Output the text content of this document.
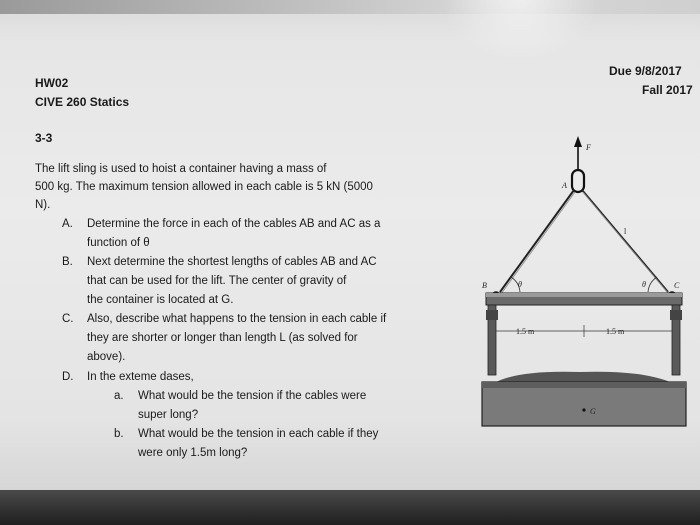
HW02
CIVE 260 Statics
Due 9/8/2017
Fall 2017
3-3
The lift sling is used to hoist a container having a mass of
500 kg. The maximum tension allowed in each cable is 5 kN (5000
N).
A. Determine the force in each of the cables AB and AC as a
function of θ
B. Next determine the shortest lengths of cables AB and AC
that can be used for the lift. The center of gravity of
the container is located at G.
C. Also, describe what happens to the tension in each cable if
they are shorter or longer than length L (as solved for
above).
D. In the exteme dases,
a. What would be the tension if the cables were
super long?
b. What would be the tension in each cable if they
were only 1.5m long?
F
A
l
θ	θ
B	C
1.5 m	1.5 m
G
